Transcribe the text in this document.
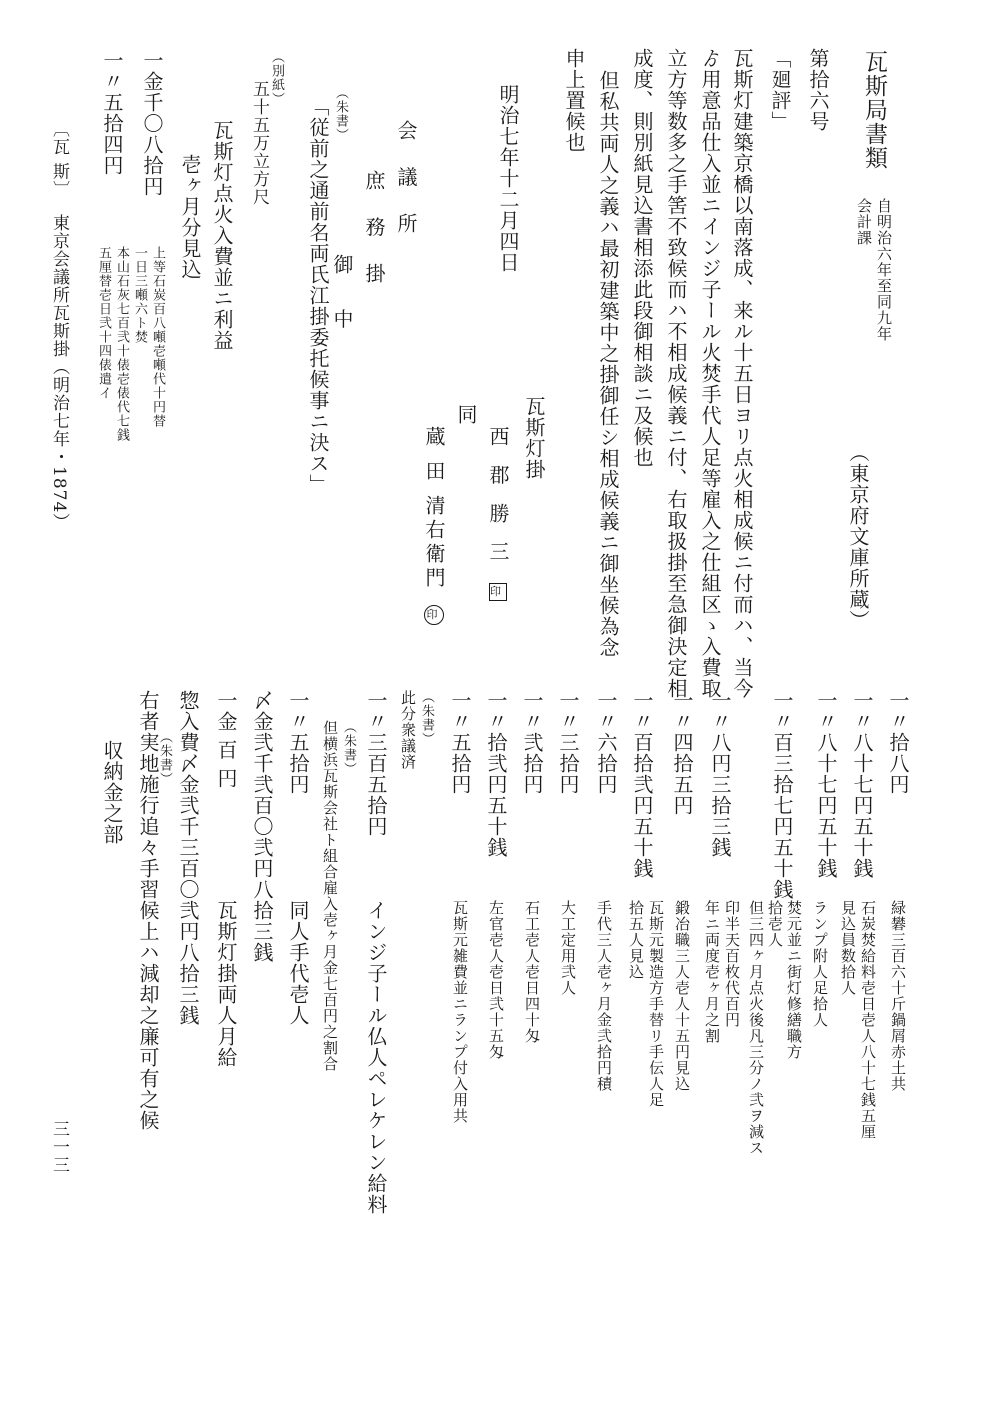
瓦斯局書類
自明治六年至同九年
会計課
（東京府文庫所蔵）
第拾六号
「廻評」
瓦斯灯建築京橋以南落成、来ル十五日ヨリ点火相成候ニ付而ハ、当今
ゟ用意品仕入並ニインジ子ール火焚手代人足等雇入之仕組区ゝ入費取
立方等数多之手筈不致候而ハ不相成候義ニ付、右取扱掛至急御決定相
成度、則別紙見込書相添此段御相談ニ及候也
但私共両人之義ハ最初建築中之掛御任シ相成候義ニ御坐候為念
申上置候也
明治七年十二月四日
瓦斯灯掛
西 郡 勝 三 印
同
蔵 田 清右衛門 印
会 議 所
庶 務 掛
御 中
（朱書）
「従前之通前名両氏江掛委托候事ニ決ス」
（別紙）
五十五万立方尺
瓦斯灯点火入費並ニ利益
壱ヶ月分見込
一金千〇八拾円
上等石炭百八噸壱噸代十円替
一日三噸六ト焚
一〃五拾四円
本山石灰七百弐十俵壱俵代七銭
五厘替壱日弐十四俵遣イ
〔瓦 斯〕
東京会議所瓦斯掛（明治七年・1874）
一〃拾八円
緑礬三百六十斤鍋屑赤土共
一〃八十七円五十銭
石炭焚給料壱日壱人八十七銭五厘
見込員数拾人
一〃八十七円五十銭
ランプ附人足拾人
一〃百三拾七円五十銭
焚元並ニ街灯修繕職方
拾壱人
但三四ヶ月点火後凡三分ノ弐ヲ減ス
一〃八円三拾三銭
印半天百枚代百円
年ニ両度壱ヶ月之割
一〃四拾五円
鍛冶職三人壱人十五円見込
一〃百拾弐円五十銭
瓦斯元製造方手替リ手伝人足
拾五人見込
一〃六拾円
手代三人壱ヶ月金弐拾円積
一〃三拾円
大工定用弐人
一〃弐拾円
石工壱人壱日四十匁
一〃拾弐円五十銭
左官壱人壱日弐十五匁
一〃五拾円
瓦斯元雑費並ニランプ付入用共
（朱書）
此分衆議済
一〃三百五拾円
インジ子ール仏人ペレケレン給料
（朱書）
但横浜瓦斯会社ト組合雇入壱ヶ月金七百円之割合
一〃五拾円
同人手代壱人
〆金弐千弐百〇弐円八拾三銭
一金 百 円
瓦斯灯掛両人月給
惣入費〆金弐千三百〇弐円八拾三銭
（朱書）
右者実地施行追々手習候上ハ減却之廉可有之候
収納金之部
三一三
